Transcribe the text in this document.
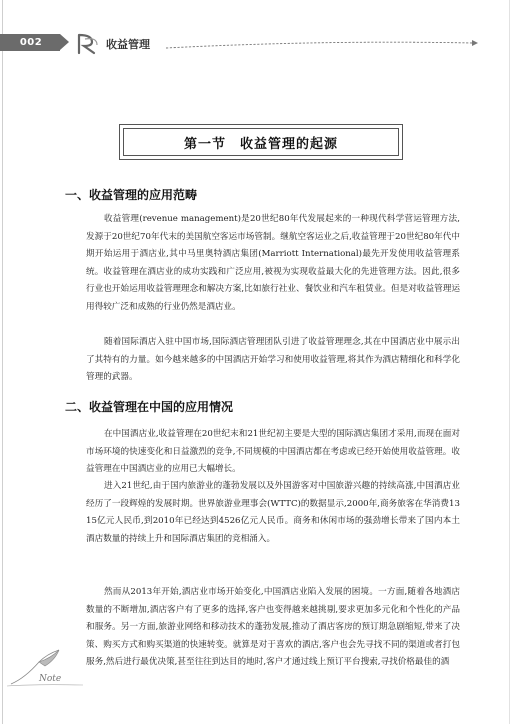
002	收益管理
第一节　收益管理的起源
一、收益管理的应用范畴
收益管理(revenue management)是20世纪80年代发展起来的一种现代科学营运管理方法,发源于20世纪70年代末的美国航空客运市场管制。继航空客运业之后,收益管理于20世纪80年代中期开始运用于酒店业,其中马里奥特酒店集团(Marriott International)最先开发使用收益管理系统。收益管理在酒店业的成功实践和广泛应用,被视为实现收益最大化的先进管理方法。因此,很多行业也开始运用收益管理理念和解决方案,比如旅行社业、餐饮业和汽车租赁业。但是对收益管理运用得较广泛和成熟的行业仍然是酒店业。
随着国际酒店入驻中国市场,国际酒店管理团队引进了收益管理理念,其在中国酒店业中展示出了其特有的力量。如今越来越多的中国酒店开始学习和使用收益管理,将其作为酒店精细化和科学化管理的武器。
二、收益管理在中国的应用情况
在中国酒店业,收益管理在20世纪末和21世纪初主要是大型的国际酒店集团才采用,而现在面对市场环境的快速变化和日益激烈的竞争,不同规模的中国酒店都在考虑或已经开始使用收益管理。收益管理在中国酒店业的应用已大幅增长。
进入21世纪,由于国内旅游业的蓬勃发展以及外国游客对中国旅游兴趣的持续高涨,中国酒店业经历了一段辉煌的发展时期。世界旅游业理事会(WTTC)的数据显示,2000年,商务旅客在华消费1315亿元人民币,到2010年已经达到4526亿元人民币。商务和休闲市场的强劲增长带来了国内本土酒店数量的持续上升和国际酒店集团的竞相涌入。
然而从2013年开始,酒店业市场开始变化,中国酒店业陷入发展的困境。一方面,随着各地酒店数量的不断增加,酒店客户有了更多的选择,客户也变得越来越挑剔,要求更加多元化和个性化的产品和服务。另一方面,旅游业网络和移动技术的蓬勃发展,推动了酒店客房的预订期急剧缩短,带来了决策、购买方式和购买渠道的快速转变。就算是对于喜欢的酒店,客户也会先寻找不同的渠道或者打包服务,然后进行最优决策,甚至往往到达目的地时,客户才通过线上预订平台搜索,寻找价格最佳的酒
Note
